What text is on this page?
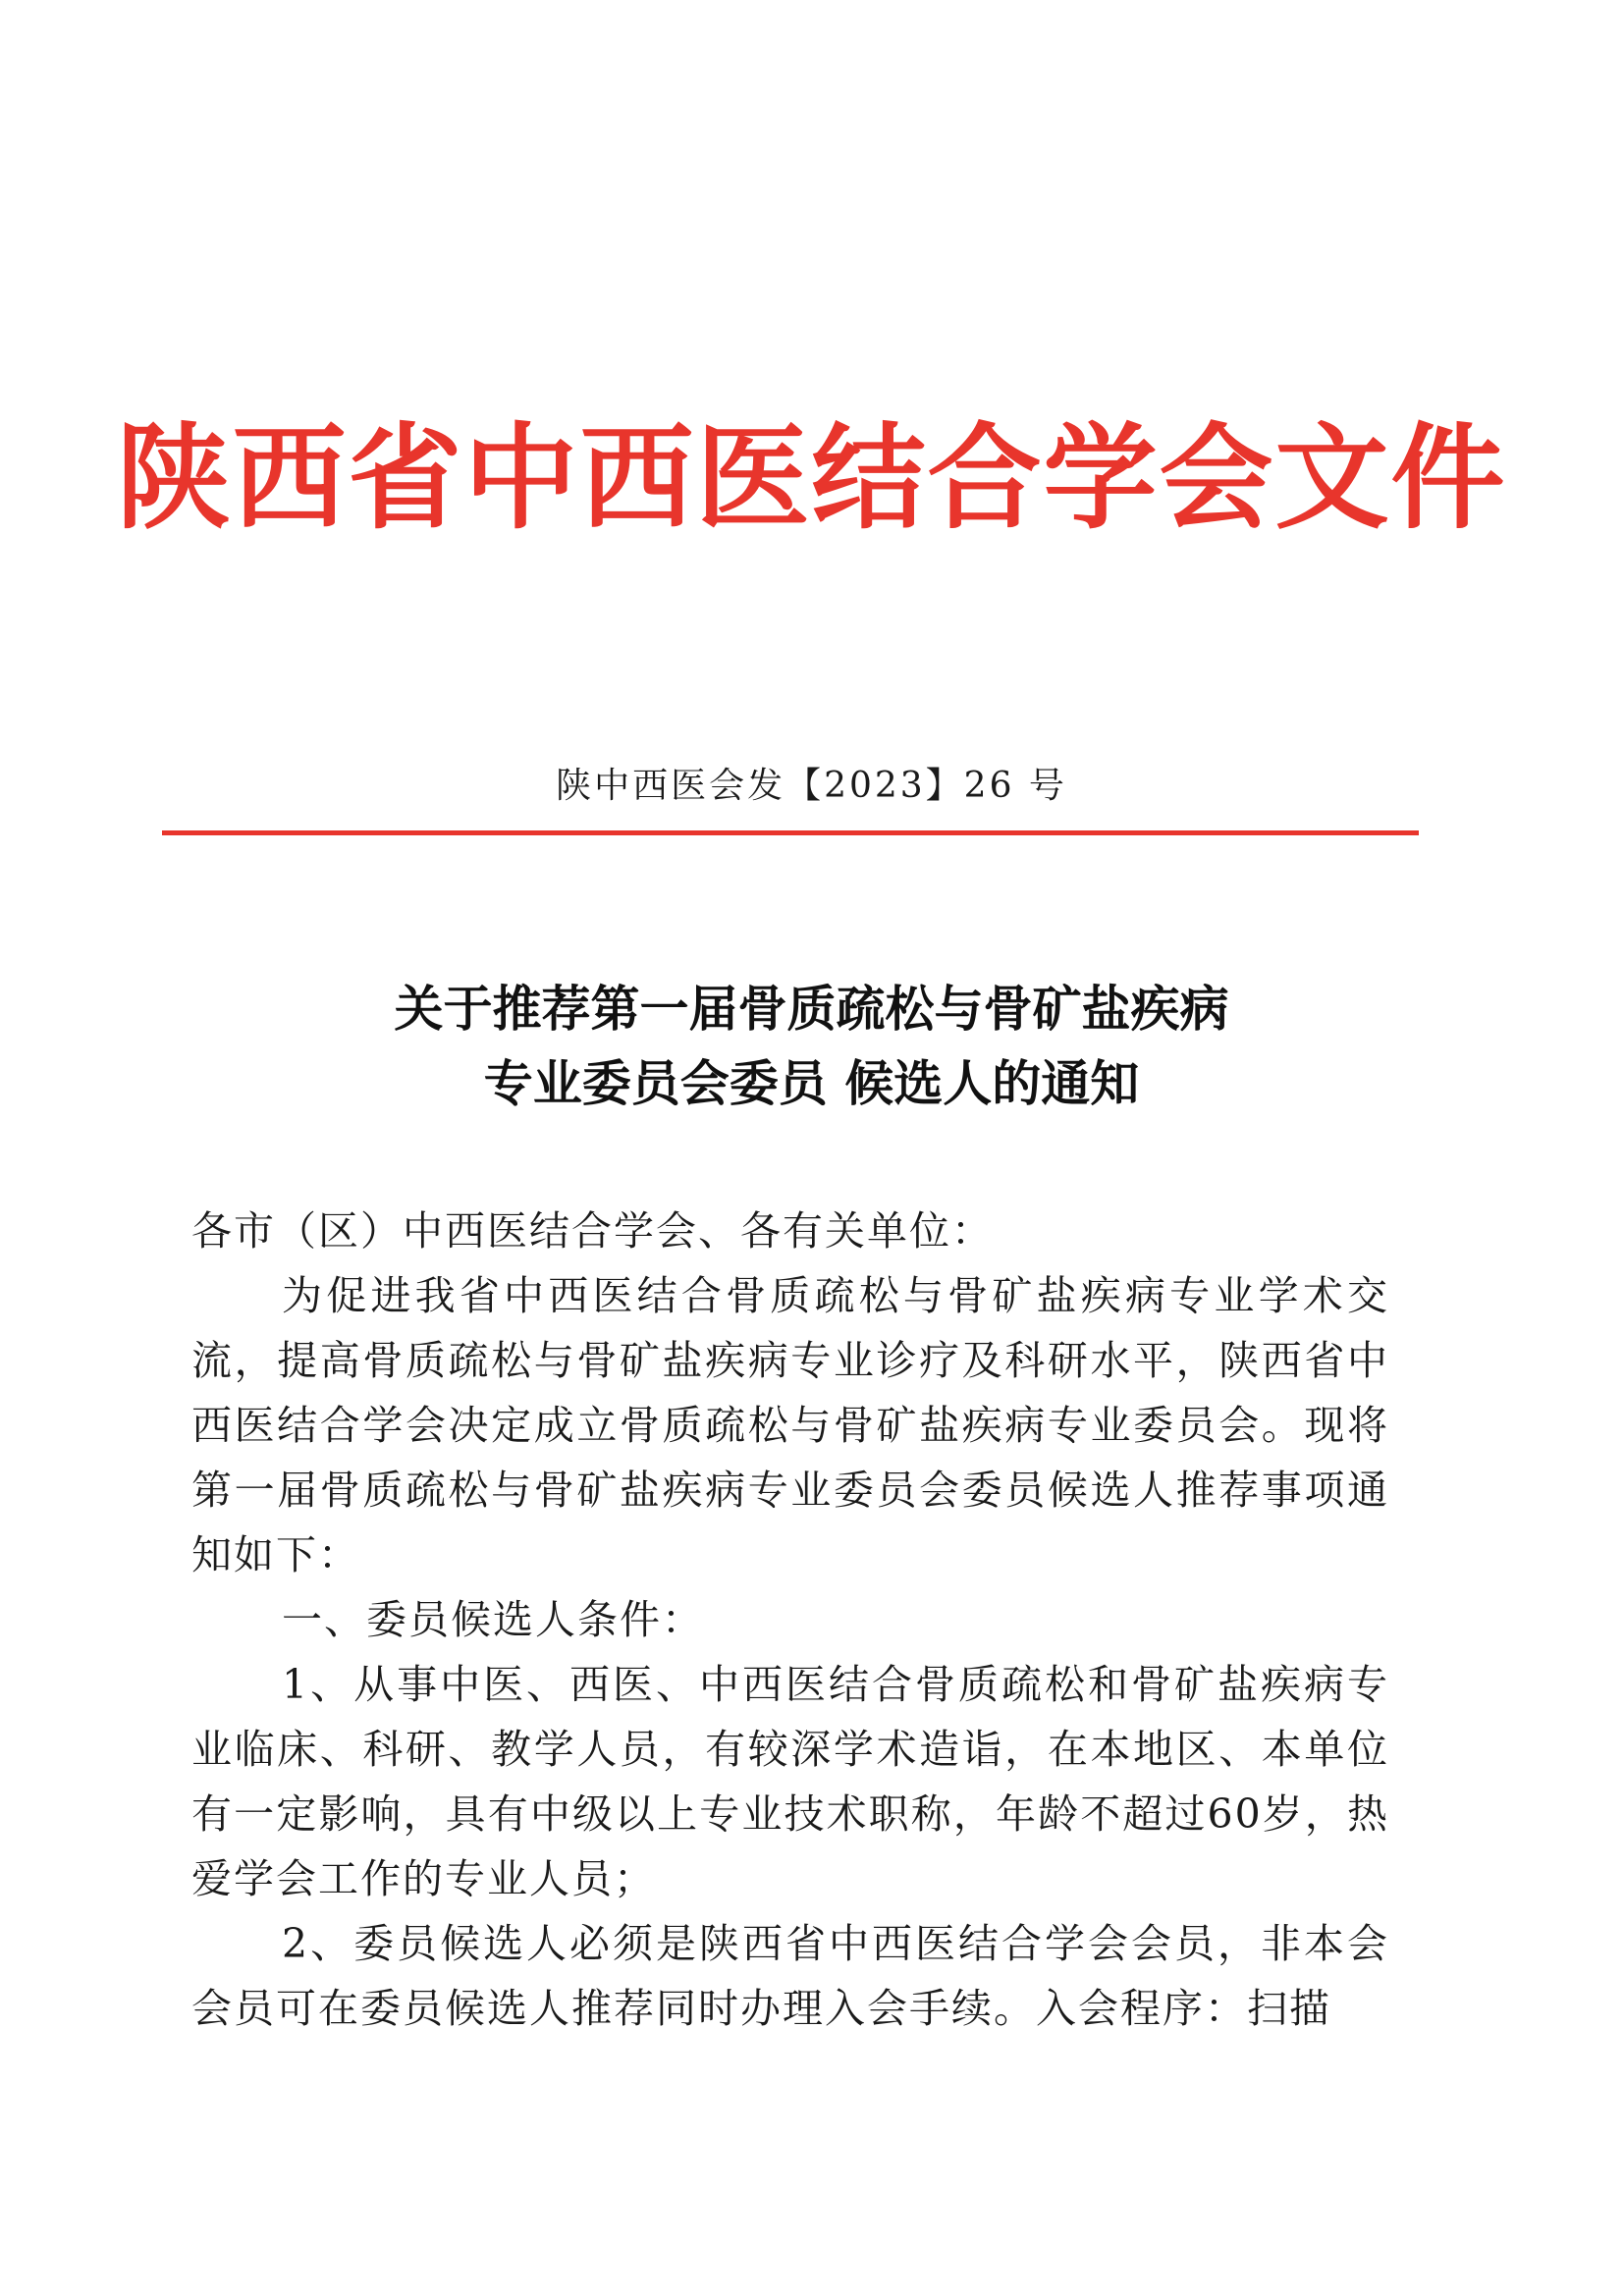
陕西省中西医结合学会文件
陕中西医会发【2023】26 号
关于推荐第一届骨质疏松与骨矿盐疾病
专业委员会委员 候选人的通知

各市（区）中西医结合学会、各有关单位：

为促进我省中西医结合骨质疏松与骨矿盐疾病专业学术交流，提高骨质疏松与骨矿盐疾病专业诊疗及科研水平，陕西省中西医结合学会决定成立骨质疏松与骨矿盐疾病专业委员会。现将第一届骨质疏松与骨矿盐疾病专业委员会委员候选人推荐事项通知如下：

一、委员候选人条件：

1、从事中医、西医、中西医结合骨质疏松和骨矿盐疾病专业临床、科研、教学人员，有较深学术造诣，在本地区、本单位有一定影响，具有中级以上专业技术职称，年龄不超过60岁，热爱学会工作的专业人员；

2、委员候选人必须是陕西省中西医结合学会会员，非本会会员可在委员候选人推荐同时办理入会手续。入会程序：扫描
